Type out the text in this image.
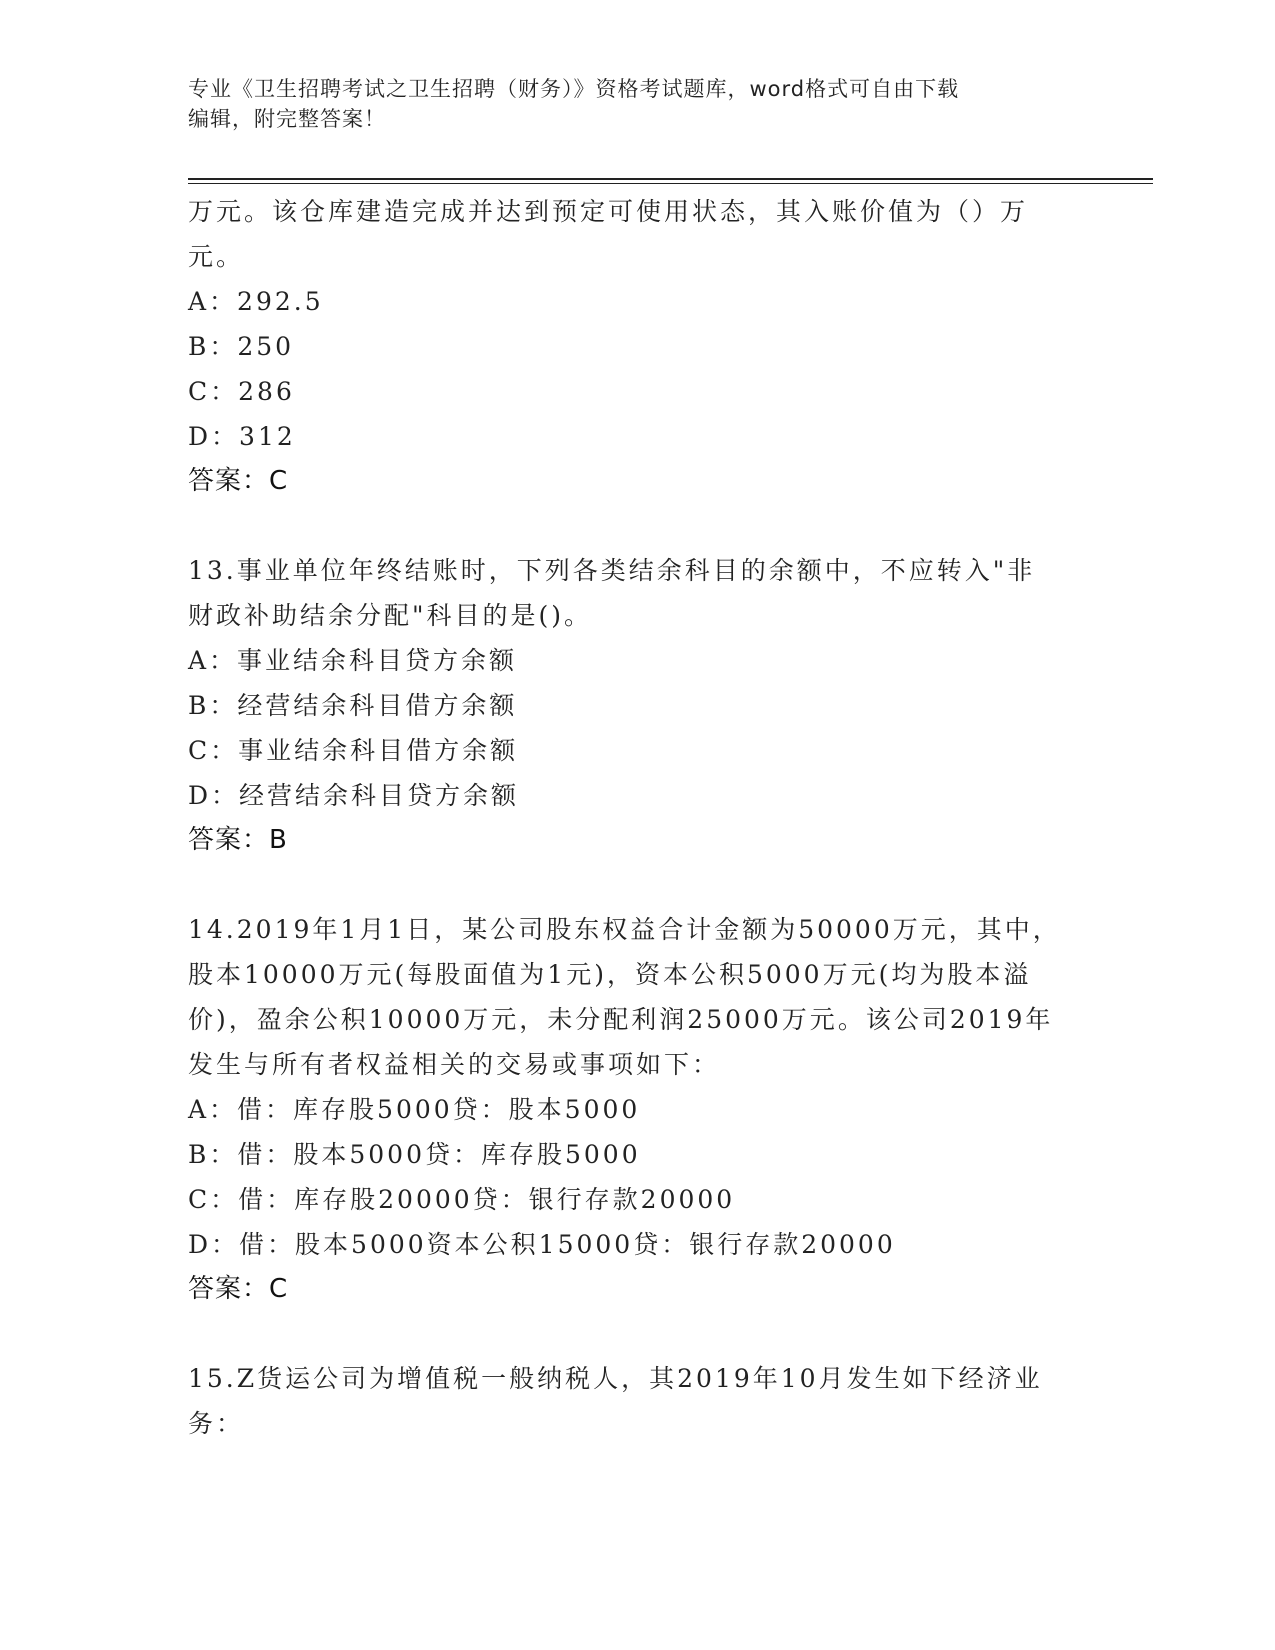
专业《卫生招聘考试之卫生招聘（财务）》资格考试题库，word格式可自由下载
编辑，附完整答案！
万元。该仓库建造完成并达到预定可使用状态，其入账价值为（）万
元。
A：292.5
B：250
C：286
D：312
答案：C
13.事业单位年终结账时，下列各类结余科目的余额中，不应转入"非
财政补助结余分配"科目的是()。
A：事业结余科目贷方余额
B：经营结余科目借方余额
C：事业结余科目借方余额
D：经营结余科目贷方余额
答案：B
14.2019年1月1日，某公司股东权益合计金额为50000万元，其中，
股本10000万元(每股面值为1元)，资本公积5000万元(均为股本溢
价)，盈余公积10000万元，未分配利润25000万元。该公司2019年
发生与所有者权益相关的交易或事项如下：
A：借：库存股5000贷：股本5000
B：借：股本5000贷：库存股5000
C：借：库存股20000贷：银行存款20000
D：借：股本5000资本公积15000贷：银行存款20000
答案：C
15.Z货运公司为增值税一般纳税人，其2019年10月发生如下经济业
务：
